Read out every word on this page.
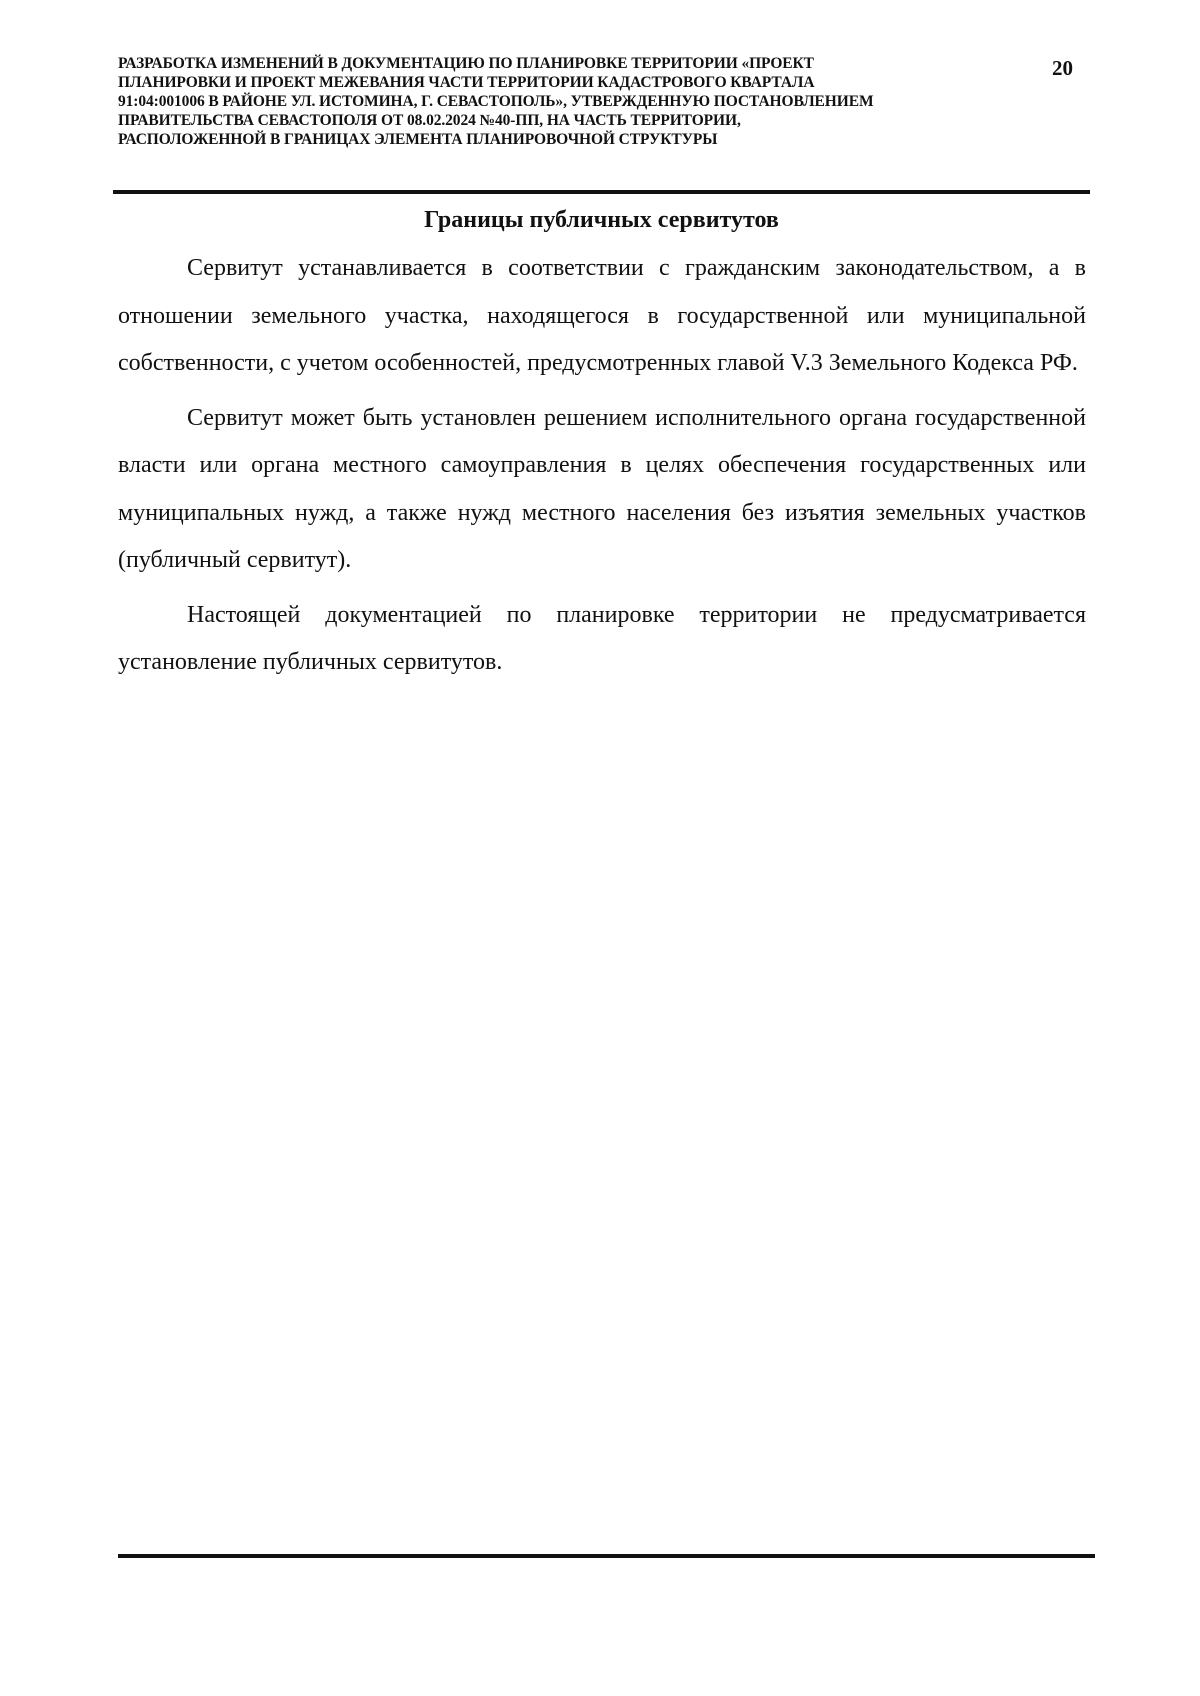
РАЗРАБОТКА ИЗМЕНЕНИЙ В ДОКУМЕНТАЦИЮ ПО ПЛАНИРОВКЕ ТЕРРИТОРИИ «ПРОЕКТ
ПЛАНИРОВКИ И ПРОЕКТ МЕЖЕВАНИЯ ЧАСТИ ТЕРРИТОРИИ КАДАСТРОВОГО КВАРТАЛА
91:04:001006 В РАЙОНЕ УЛ. ИСТОМИНА, Г. СЕВАСТОПОЛЬ», УТВЕРЖДЕННУЮ ПОСТАНОВЛЕНИЕМ
ПРАВИТЕЛЬСТВА СЕВАСТОПОЛЯ ОТ 08.02.2024 №40-ПП, НА ЧАСТЬ ТЕРРИТОРИИ,
РАСПОЛОЖЕННОЙ В ГРАНИЦАХ ЭЛЕМЕНТА ПЛАНИРОВОЧНОЙ СТРУКТУРЫ
20
Границы публичных сервитутов

Сервитут устанавливается в соответствии с гражданским законодательством, а в отношении земельного участка, находящегося в государственной или муниципальной собственности, с учетом особенностей, предусмотренных главой V.3 Земельного Кодекса РФ.

Сервитут может быть установлен решением исполнительного органа государственной власти или органа местного самоуправления в целях обеспечения государственных или муниципальных нужд, а также нужд местного населения без изъятия земельных участков (публичный сервитут).

Настоящей документацией по планировке территории не предусматривается установление публичных сервитутов.
